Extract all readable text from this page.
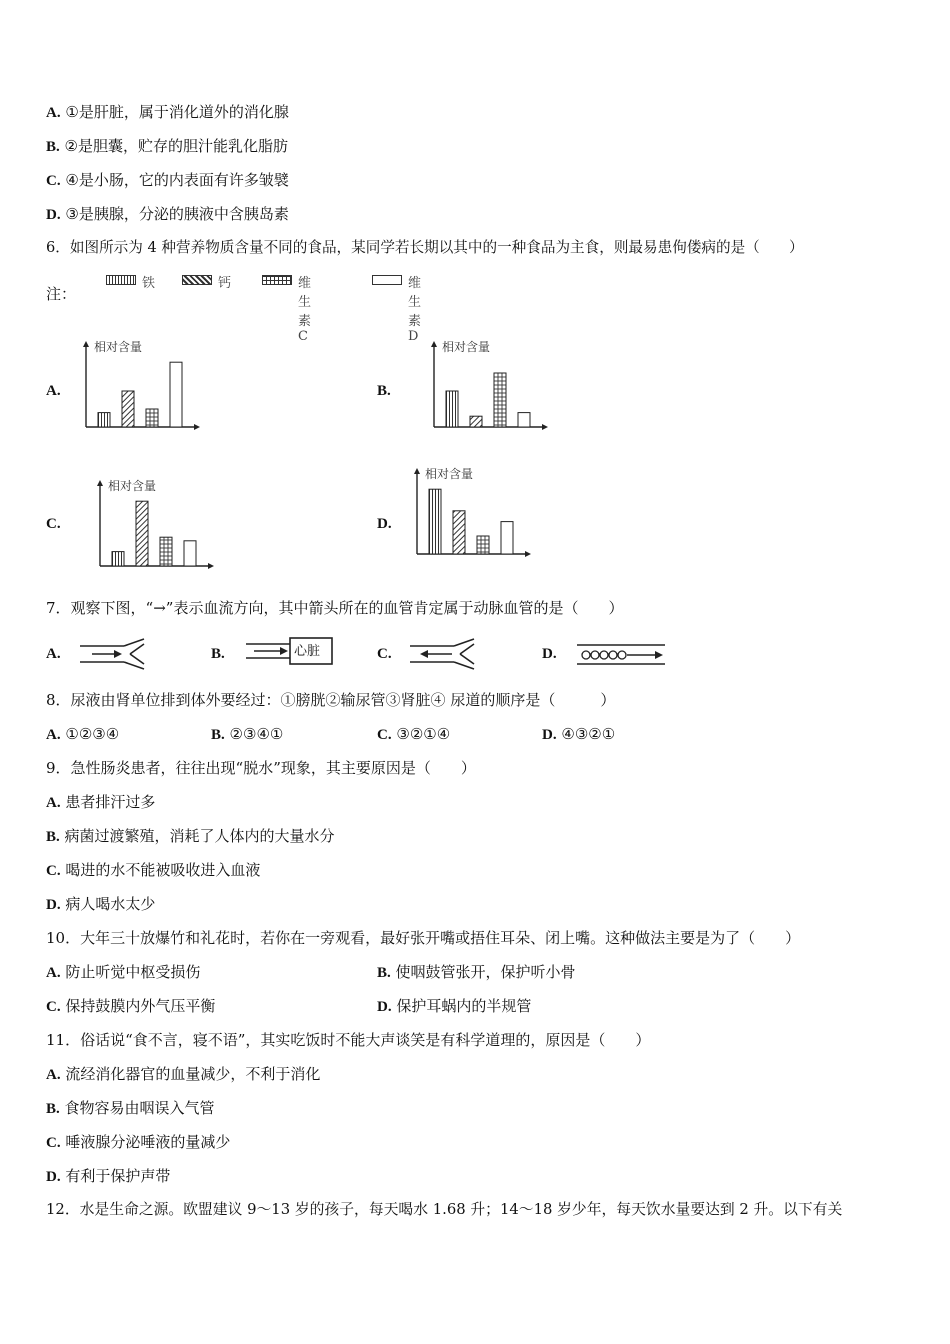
A. ①是肝脏，属于消化道外的消化腺
B. ②是胆囊，贮存的胆汁能乳化脂肪
C. ④是小肠，它的内表面有许多皱襞
D. ③是胰腺，分泌的胰液中含胰岛素
6．如图所示为 4 种营养物质含量不同的食品，某同学若长期以其中的一种食品为主食，则最易患佝偻病的是（　　）
注：
铁	钙	维生素C
维生素D
A.	B.
C.	D.
相对含量	相对含量
相对含量
相对含量
7．观察下图，“→”表示血流方向，其中箭头所在的血管肯定属于动脉血管的是（　　）
A.	B.	心脏	C.	D.
8．尿液由肾单位排到体外要经过：①膀胱②输尿管③肾脏④ 尿道的顺序是（　　　）
A. ①②③④	B. ②③④①	C. ③②①④	D. ④③②①
9．急性肠炎患者，往往出现“脱水”现象，其主要原因是（　　）
A. 患者排汗过多
B. 病菌过渡繁殖，消耗了人体内的大量水分
C. 喝进的水不能被吸收进入血液
D. 病人喝水太少
10．大年三十放爆竹和礼花时，若你在一旁观看，最好张开嘴或捂住耳朵、闭上嘴。这种做法主要是为了（　　）
A. 防止听觉中枢受损伤	B. 使咽鼓管张开，保护听小骨
C. 保持鼓膜内外气压平衡	D. 保护耳蜗内的半规管
11．俗话说“食不言，寝不语”，其实吃饭时不能大声谈笑是有科学道理的，原因是（　　）
A. 流经消化器官的血量减少，不利于消化
B. 食物容易由咽误入气管
C. 唾液腺分泌唾液的量减少
D. 有利于保护声带
12．水是生命之源。欧盟建议 9～13 岁的孩子，每天喝水 1.68 升；14～18 岁少年，每天饮水量要达到 2 升。以下有关
